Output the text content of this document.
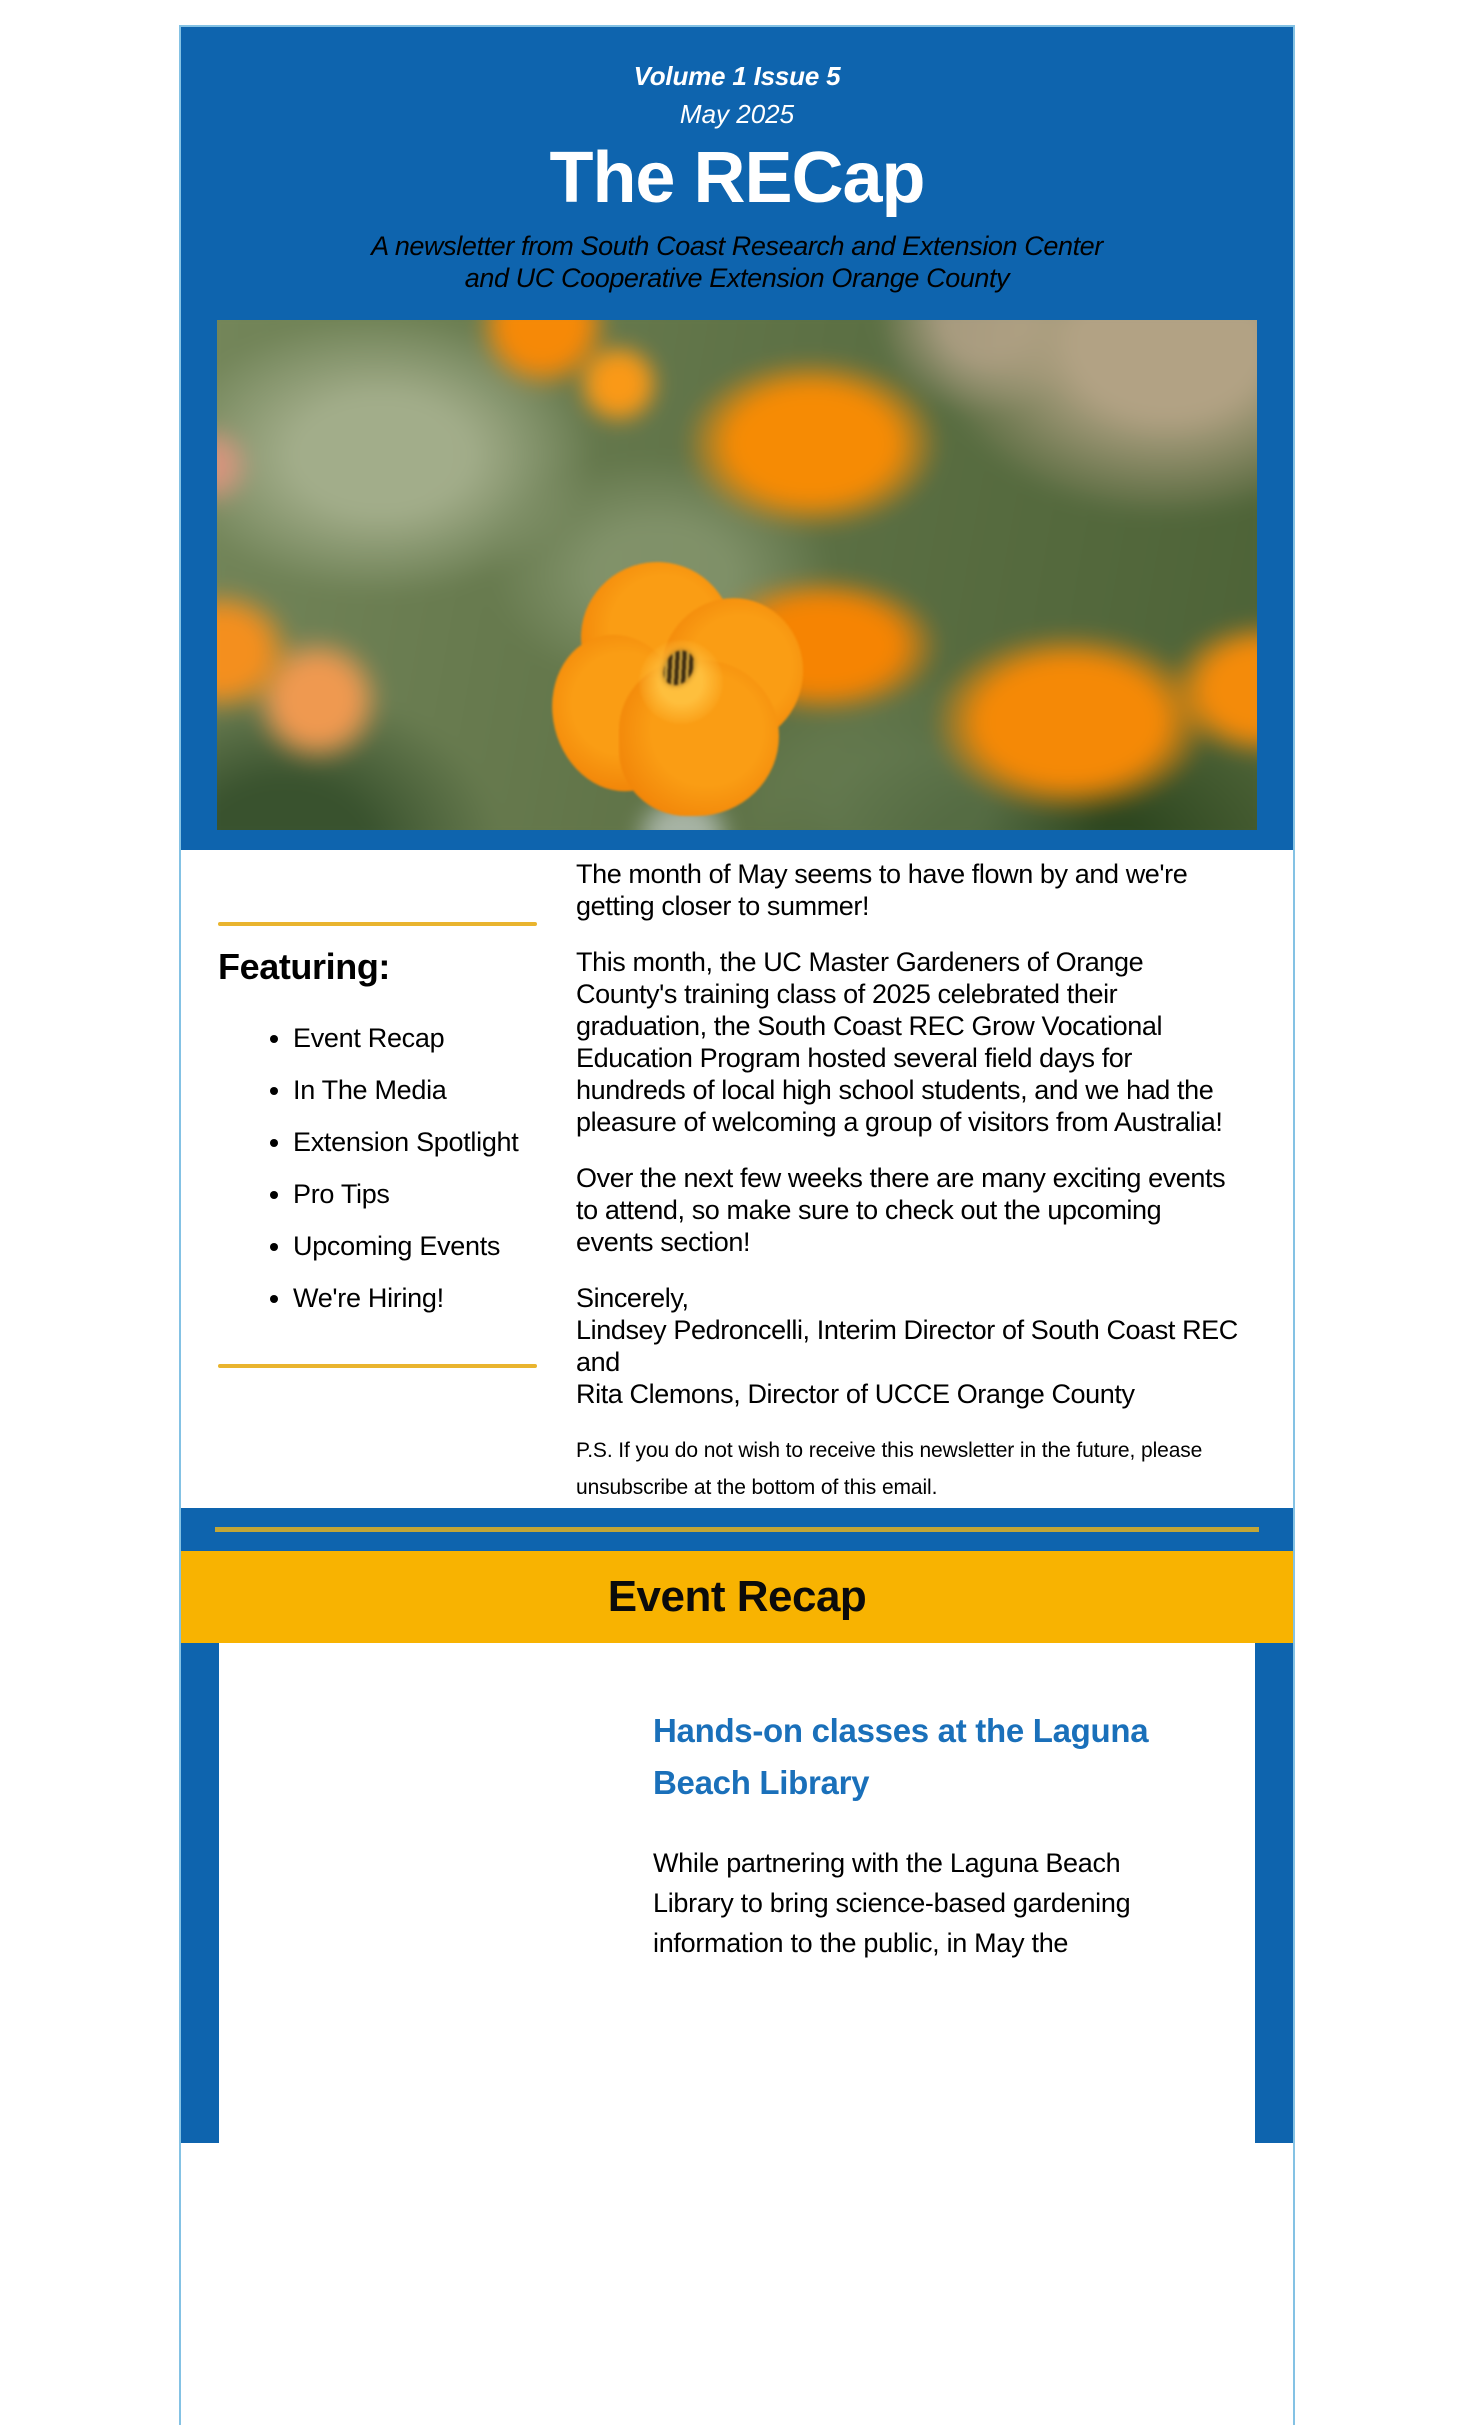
Volume 1 Issue 5

May 2025

The RECap
A newsletter from South Coast Research and Extension Center
and UC Cooperative Extension Orange County
Featuring:
• Event Recap
• In The Media
• Extension Spotlight
• Pro Tips
• Upcoming Events
• We're Hiring!
The month of May seems to have flown by and we're
getting closer to summer!
This month, the UC Master Gardeners of Orange
County's training class of 2025 celebrated their
graduation, the South Coast REC Grow Vocational
Education Program hosted several field days for
hundreds of local high school students, and we had the
pleasure of welcoming a group of visitors from Australia!
Over the next few weeks there are many exciting events
to attend, so make sure to check out the upcoming
events section!
Sincerely,
Lindsey Pedroncelli, Interim Director of South Coast REC
and
Rita Clemons, Director of UCCE Orange County
P.S. If you do not wish to receive this newsletter in the future, please
unsubscribe at the bottom of this email.
Event Recap
Hands-on classes at the Laguna
Beach Library
While partnering with the Laguna Beach
Library to bring science-based gardening
information to the public, in May the
